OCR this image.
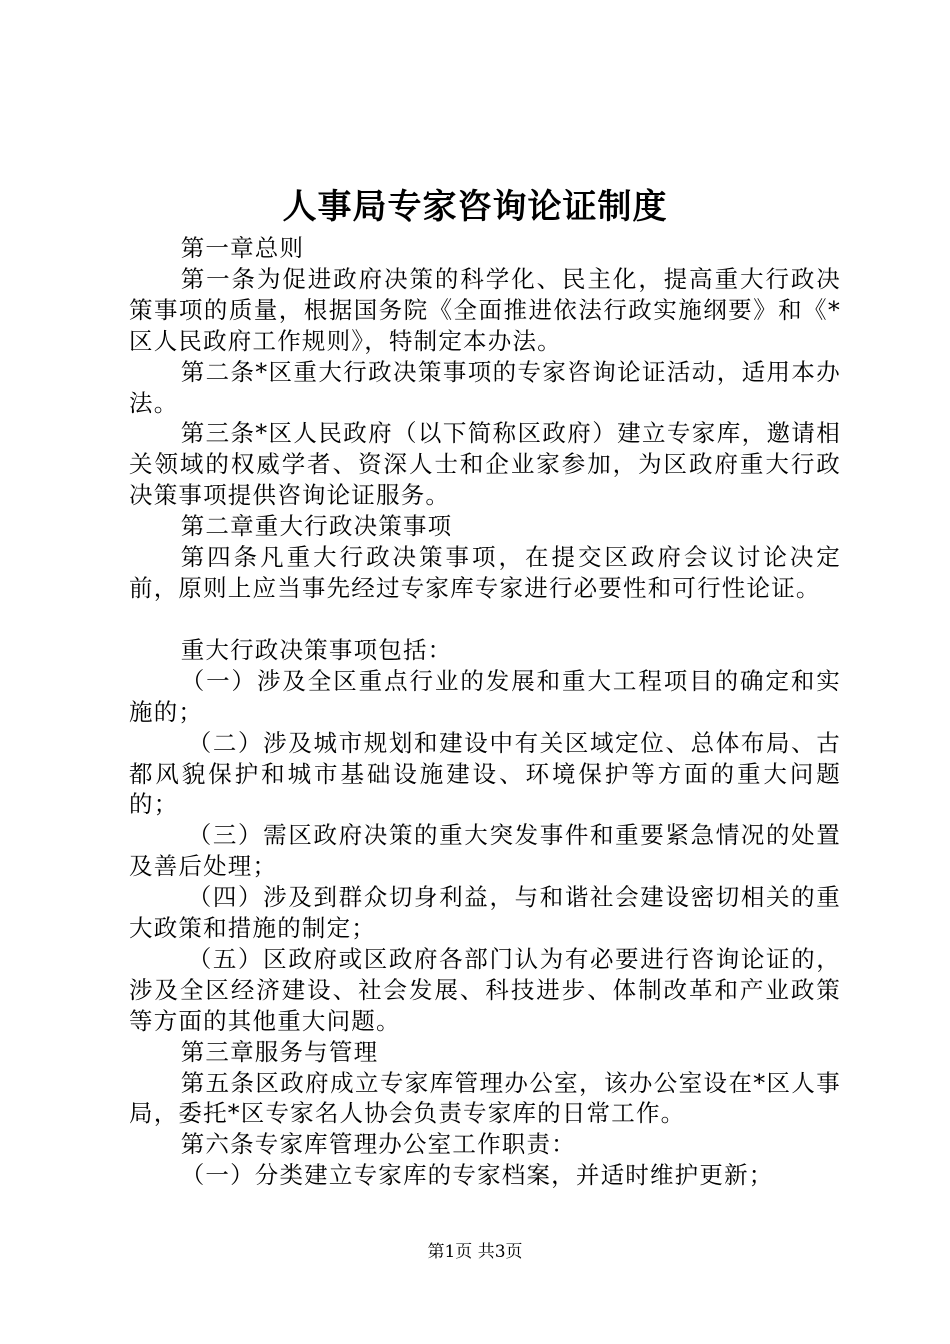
人事局专家咨询论证制度

第一章总则

第一条为促进政府决策的科学化、民主化，提高重大行政决策事项的质量，根据国务院《全面推进依法行政实施纲要》和《*区人民政府工作规则》，特制定本办法。

第二条*区重大行政决策事项的专家咨询论证活动，适用本办法。

第三条*区人民政府（以下简称区政府）建立专家库，邀请相关领域的权威学者、资深人士和企业家参加，为区政府重大行政决策事项提供咨询论证服务。

第二章重大行政决策事项

第四条凡重大行政决策事项，在提交区政府会议讨论决定前，原则上应当事先经过专家库专家进行必要性和可行性论证。

重大行政决策事项包括：

（一）涉及全区重点行业的发展和重大工程项目的确定和实施的；

（二）涉及城市规划和建设中有关区域定位、总体布局、古都风貌保护和城市基础设施建设、环境保护等方面的重大问题的；

（三）需区政府决策的重大突发事件和重要紧急情况的处置及善后处理；

（四）涉及到群众切身利益，与和谐社会建设密切相关的重大政策和措施的制定；

（五）区政府或区政府各部门认为有必要进行咨询论证的，涉及全区经济建设、社会发展、科技进步、体制改革和产业政策等方面的其他重大问题。

第三章服务与管理

第五条区政府成立专家库管理办公室，该办公室设在*区人事局，委托*区专家名人协会负责专家库的日常工作。

第六条专家库管理办公室工作职责：

（一）分类建立专家库的专家档案，并适时维护更新；

第1页 共3页
